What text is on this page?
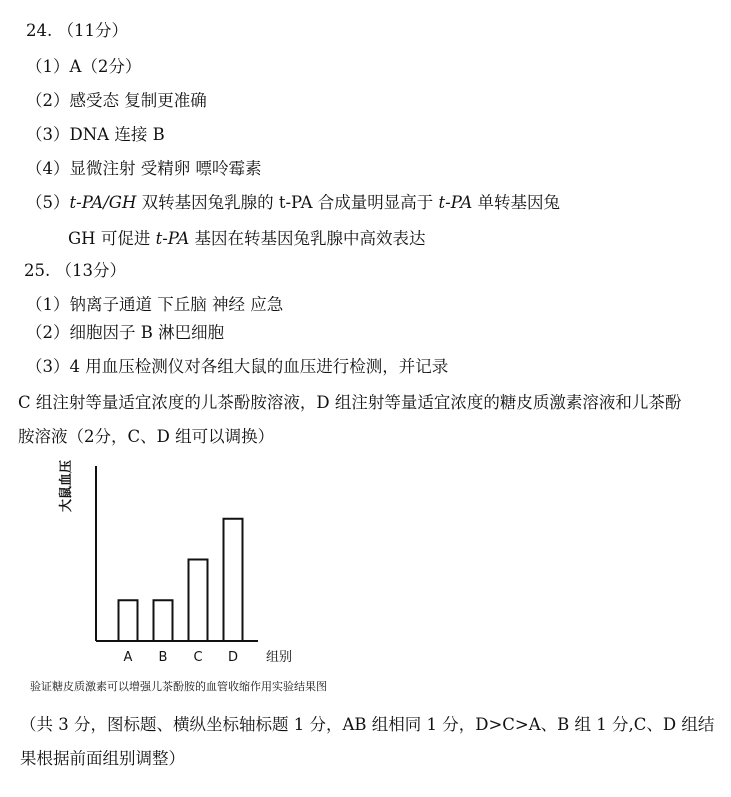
24. （11分）
（1）A（2分）
（2）感受态 复制更准确
（3）DNA 连接 B
（4）显微注射 受精卵 嘌呤霉素
（5）t-PA/GH 双转基因兔乳腺的 t-PA 合成量明显高于 t-PA 单转基因兔
GH 可促进 t-PA 基因在转基因兔乳腺中高效表达
25. （13分）
（1）钠离子通道 下丘脑 神经 应急
（2）细胞因子 B 淋巴细胞
（3）4 用血压检测仪对各组大鼠的血压进行检测，并记录
C 组注射等量适宜浓度的儿茶酚胺溶液，D 组注射等量适宜浓度的糖皮质激素溶液和儿茶酚
胺溶液（2分，C、D 组可以调换）
A B C D 组别
大鼠血压
验证糖皮质激素可以增强儿茶酚胺的血管收缩作用实验结果图
（共 3 分，图标题、横纵坐标轴标题 1 分，AB 组相同 1 分，D>C>A、B 组 1 分,C、D 组结
果根据前面组别调整）
